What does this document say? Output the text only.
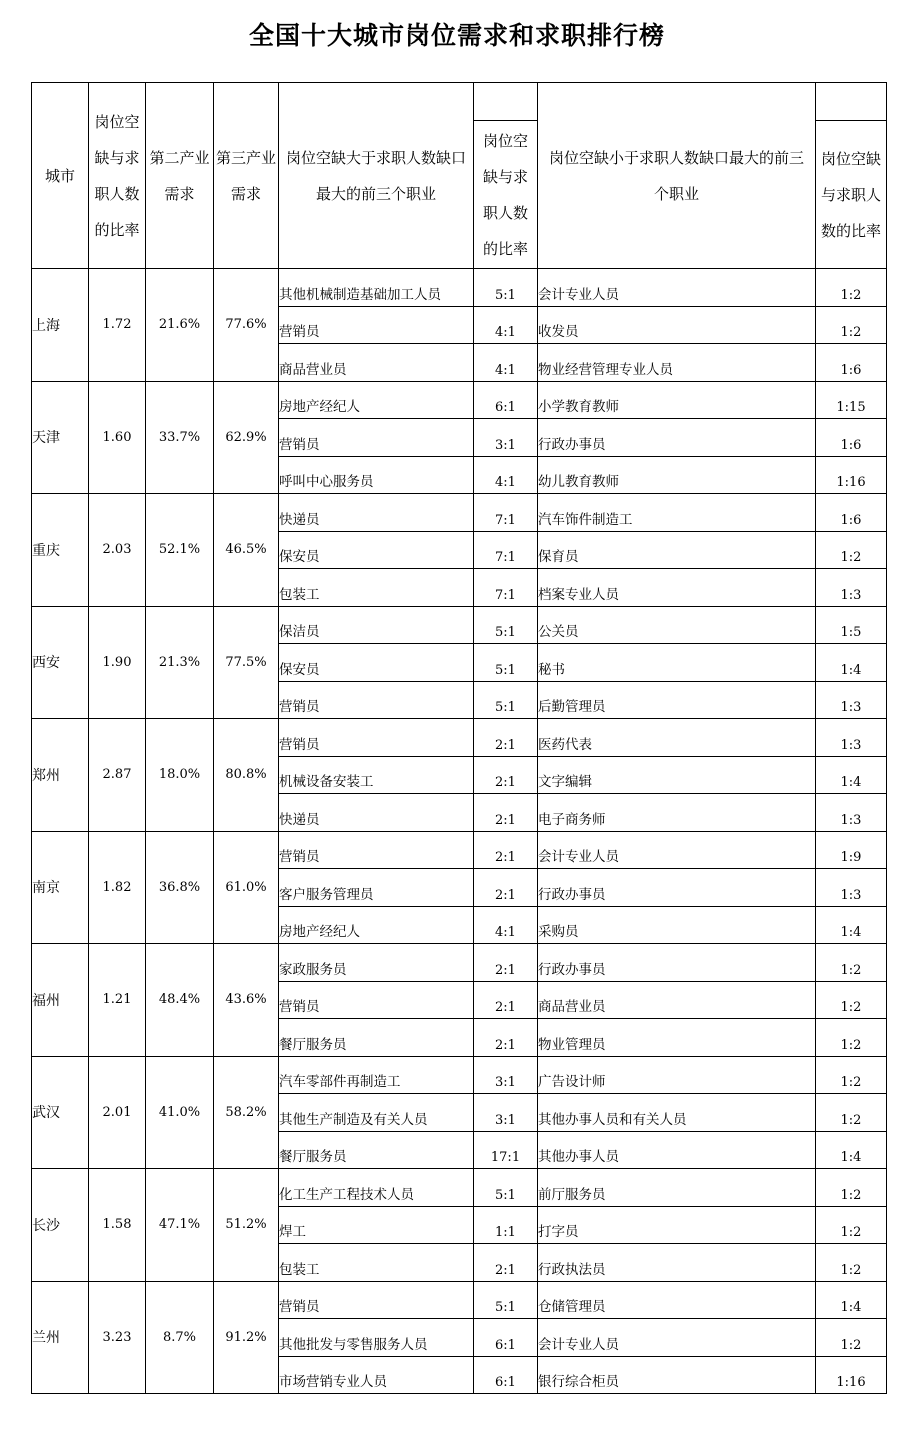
全国十大城市岗位需求和求职排行榜
城市	岗位空缺与求职人数的比率	第二产业需求	第三产业需求	岗位空缺大于求职人数缺口最大的前三个职业		岗位空缺小于求职人数缺口最大的前三个职业	
					岗位空缺与求职人数的比率		岗位空缺与求职人数的比率
上海	1.72	21.6%	77.6%	其他机械制造基础加工人员	5:1	会计专业人员	1:2
				营销员	4:1	收发员	1:2
				商品营业员	4:1	物业经营管理专业人员	1:6
天津	1.60	33.7%	62.9%	房地产经纪人	6:1	小学教育教师	1:15
				营销员	3:1	行政办事员	1:6
				呼叫中心服务员	4:1	幼儿教育教师	1:16
重庆	2.03	52.1%	46.5%	快递员	7:1	汽车饰件制造工	1:6
				保安员	7:1	保育员	1:2
				包装工	7:1	档案专业人员	1:3
西安	1.90	21.3%	77.5%	保洁员	5:1	公关员	1:5
				保安员	5:1	秘书	1:4
				营销员	5:1	后勤管理员	1:3
郑州	2.87	18.0%	80.8%	营销员	2:1	医药代表	1:3
				机械设备安装工	2:1	文字编辑	1:4
				快递员	2:1	电子商务师	1:3
南京	1.82	36.8%	61.0%	营销员	2:1	会计专业人员	1:9
				客户服务管理员	2:1	行政办事员	1:3
				房地产经纪人	4:1	采购员	1:4
福州	1.21	48.4%	43.6%	家政服务员	2:1	行政办事员	1:2
				营销员	2:1	商品营业员	1:2
				餐厅服务员	2:1	物业管理员	1:2
武汉	2.01	41.0%	58.2%	汽车零部件再制造工	3:1	广告设计师	1:2
				其他生产制造及有关人员	3:1	其他办事人员和有关人员	1:2
				餐厅服务员	17:1	其他办事人员	1:4
长沙	1.58	47.1%	51.2%	化工生产工程技术人员	5:1	前厅服务员	1:2
				焊工	1:1	打字员	1:2
				包装工	2:1	行政执法员	1:2
兰州	3.23	8.7%	91.2%	营销员	5:1	仓储管理员	1:4
				其他批发与零售服务人员	6:1	会计专业人员	1:2
				市场营销专业人员	6:1	银行综合柜员	1:16
